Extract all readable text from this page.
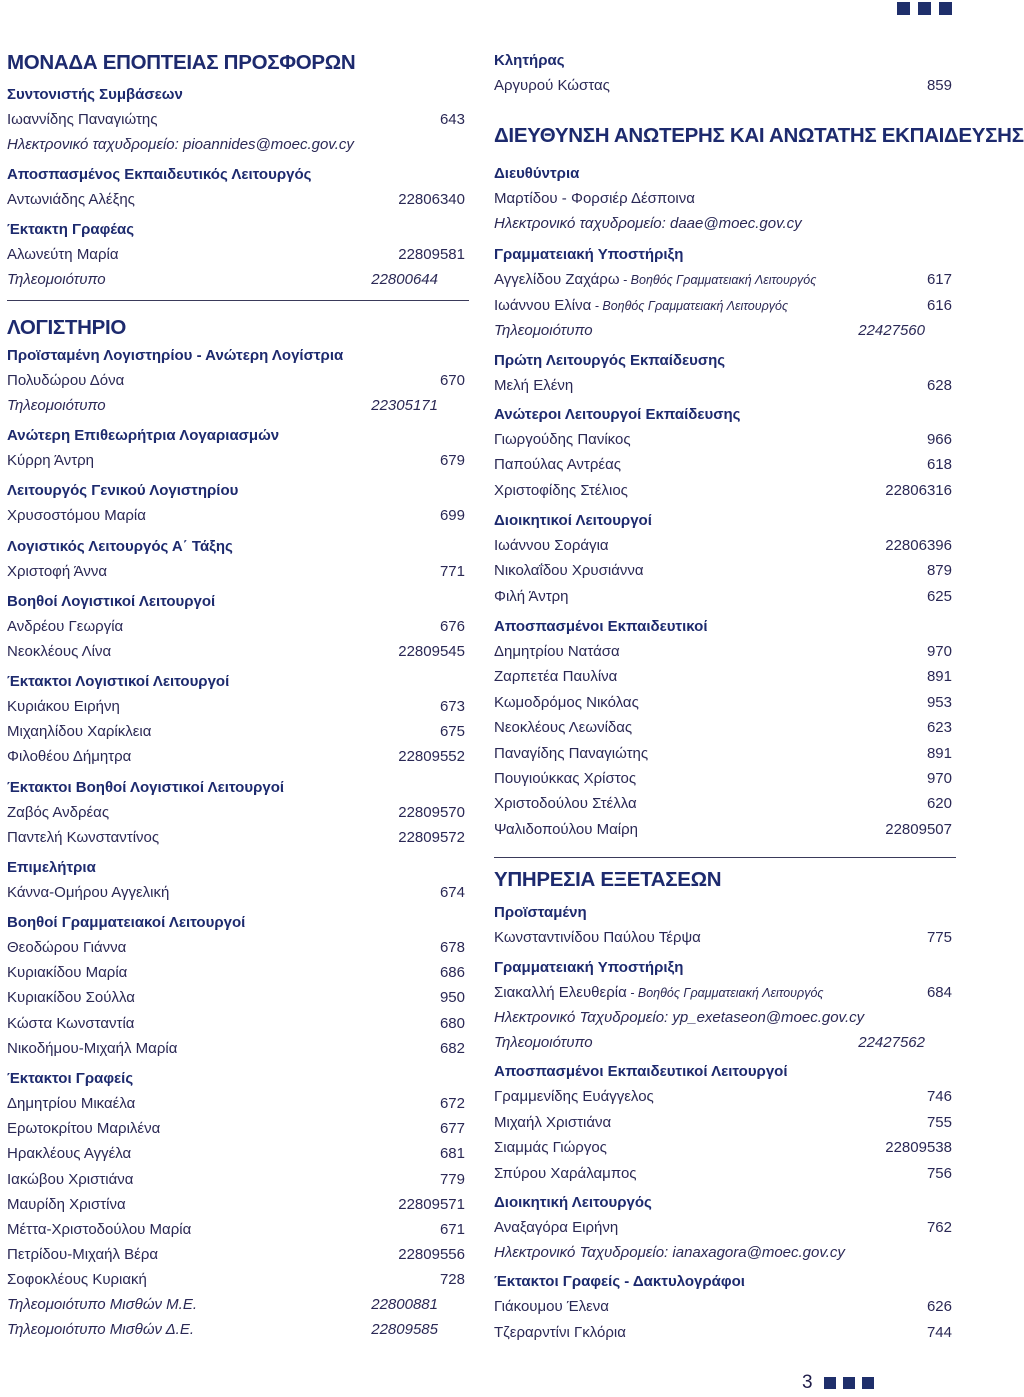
ΜΟΝΑΔΑ ΕΠΟΠΤΕΙΑΣ ΠΡΟΣΦΟΡΩΝ
Συντονιστής Συμβάσεων
Ιωαννίδης Παναγιώτης	643
Ηλεκτρονικό ταχυδρομείο: pioannides@moec.gov.cy
Αποσπασμένος Εκπαιδευτικός Λειτουργός
Αντωνιάδης Αλέξης	22806340
Έκτακτη Γραφέας
Αλωνεύτη Μαρία	22809581
Τηλεομοιότυπο	22800644
ΛΟΓΙΣΤΗΡΙΟ
Προϊσταμένη Λογιστηρίου - Ανώτερη Λογίστρια
Πολυδώρου Δόνα	670
Τηλεομοιότυπο	22305171
Ανώτερη Επιθεωρήτρια Λογαριασμών
Κύρρη Άντρη	679
Λειτουργός Γενικού Λογιστηρίου
Χρυσοστόμου Μαρία	699
Λογιστικός Λειτουργός Α΄ Τάξης
Χριστοφή Άννα	771
Βοηθοί Λογιστικοί Λειτουργοί
Ανδρέου Γεωργία	676
Νεοκλέους Λίνα	22809545
Έκτακτοι Λογιστικοί Λειτουργοί
Κυριάκου Ειρήνη	673
Μιχαηλίδου Χαρίκλεια	675
Φιλοθέου Δήμητρα	22809552
Έκτακτοι Βοηθοί Λογιστικοί Λειτουργοί
Ζαβός Ανδρέας	22809570
Παντελή Κωνσταντίνος	22809572
Επιμελήτρια
Κάννα-Ομήρου Αγγελική	674
Βοηθοί Γραμματειακοί Λειτουργοί
Θεοδώρου Γιάννα	678
Κυριακίδου Μαρία	686
Κυριακίδου Σούλλα	950
Κώστα Κωνσταντία	680
Νικοδήμου-Μιχαήλ Μαρία	682
Έκτακτοι Γραφείς
Δημητρίου Μικαέλα	672
Ερωτοκρίτου Μαριλένα	677
Ηρακλέους Αγγέλα	681
Ιακώβου Χριστιάνα	779
Μαυρίδη Χριστίνα	22809571
Μέττα-Χριστοδούλου Μαρία	671
Πετρίδου-Μιχαήλ Βέρα	22809556
Σοφοκλέους Κυριακή	728
Τηλεομοιότυπο Μισθών Μ.Ε.	22800881
Τηλεομοιότυπο Μισθών Δ.Ε.	22809585
Κλητήρας
Αργυρού Κώστας	859
ΔΙΕΥΘΥΝΣΗ ΑΝΩΤΕΡΗΣ ΚΑΙ ΑΝΩΤΑΤΗΣ ΕΚΠΑΙΔΕΥΣΗΣ
Διευθύντρια
Μαρτίδου - Φορσιέρ Δέσποινα
Ηλεκτρονικό ταχυδρομείο: daae@moec.gov.cy
Γραμματειακή Υποστήριξη
Αγγελίδου Ζαχάρω - Βοηθός Γραμματειακή Λειτουργός	617
Ιωάννου Ελίνα - Βοηθός Γραμματειακή Λειτουργός	616
Τηλεομοιότυπο	22427560
Πρώτη Λειτουργός Εκπαίδευσης
Μελή Ελένη	628
Ανώτεροι Λειτουργοί Εκπαίδευσης
Γιωργούδης Πανίκος	966
Παπούλας Αντρέας	618
Χριστοφίδης Στέλιος	22806316
Διοικητικοί Λειτουργοί
Ιωάννου Σοράγια	22806396
Νικολαΐδου Χρυσιάννα	879
Φιλή Άντρη	625
Αποσπασμένοι Εκπαιδευτικοί
Δημητρίου Νατάσα	970
Ζαρπετέα Παυλίνα	891
Κωμοδρόμος Νικόλας	953
Νεοκλέους Λεωνίδας	623
Παναγίδης Παναγιώτης	891
Πουγιούκκας Χρίστος	970
Χριστοδούλου Στέλλα	620
Ψαλιδοπούλου Μαίρη	22809507
ΥΠΗΡΕΣΙΑ ΕΞΕΤΑΣΕΩΝ
Προϊσταμένη
Κωνσταντινίδου Παύλου Τέρψα	775
Γραμματειακή Υποστήριξη
Σιακαλλή Ελευθερία - Βοηθός Γραμματειακή Λειτουργός	684
Ηλεκτρονικό Ταχυδρομείο: yp_exetaseon@moec.gov.cy
Τηλεομοιότυπο	22427562
Αποσπασμένοι Εκπαιδευτικοί Λειτουργοί
Γραμμενίδης Ευάγγελος	746
Μιχαήλ Χριστιάνα	755
Σιαμμάς Γιώργος	22809538
Σπύρου Χαράλαμπος	756
Διοικητική Λειτουργός
Αναξαγόρα Ειρήνη	762
Ηλεκτρονικό Ταχυδρομείο: ianaxagora@moec.gov.cy
Έκτακτοι Γραφείς - Δακτυλογράφοι
Γιάκουμου Έλενα	626
Τζεραρντίνι Γκλόρια	744
3
